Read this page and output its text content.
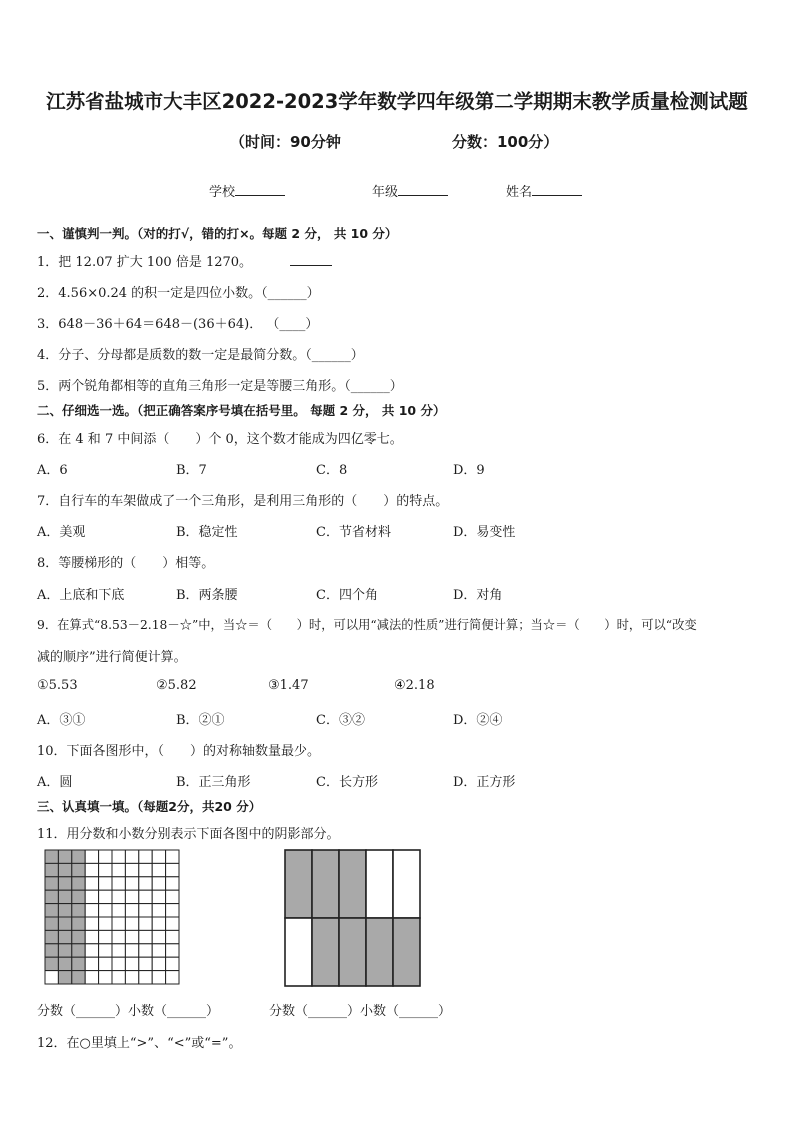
江苏省盐城市大丰区2022-2023学年数学四年级第二学期期末教学质量检测试题
（时间：90分钟	分数：100分）
学校	年级	姓名
一、谨慎判一判。（对的打√，错的打×。每题 2 分， 共 10 分）
1．把 12.07 扩大 100 倍是 1270。
2．4.56×0.24 的积一定是四位小数。（______）
3．648－36＋64＝648－(36＋64)． （____）
4．分子、分母都是质数的数一定是最简分数。（______）
5．两个锐角都相等的直角三角形一定是等腰三角形。（______）
二、仔细选一选。（把正确答案序号填在括号里。 每题 2 分， 共 10 分）
6．在 4 和 7 中间添（　　）个 0，这个数才能成为四亿零七。
A．6	B．7	C．8	D．9
7．自行车的车架做成了一个三角形，是利用三角形的（　　）的特点。
A．美观	B．稳定性	C．节省材料	D．易变性
8．等腰梯形的（　　）相等。
A．上底和下底	B．两条腰	C．四个角	D．对角
9．在算式“8.53－2.18－☆”中，当☆＝（　　）时，可以用“减法的性质”进行简便计算；当☆＝（　　）时，可以“改变
减的顺序”进行简便计算。
①5.53	②5.82	③1.47	④2.18
A．③①	B．②①	C．③②	D．②④
10．下面各图形中，（　　）的对称轴数量最少。
A．圆	B．正三角形	C．长方形	D．正方形
三、认真填一填。（每题2分，共20 分）
11．用分数和小数分别表示下面各图中的阴影部分。
分数（______）小数（______）	分数（______）小数（______）
12．在○里填上“>”、“<”或“=”。
